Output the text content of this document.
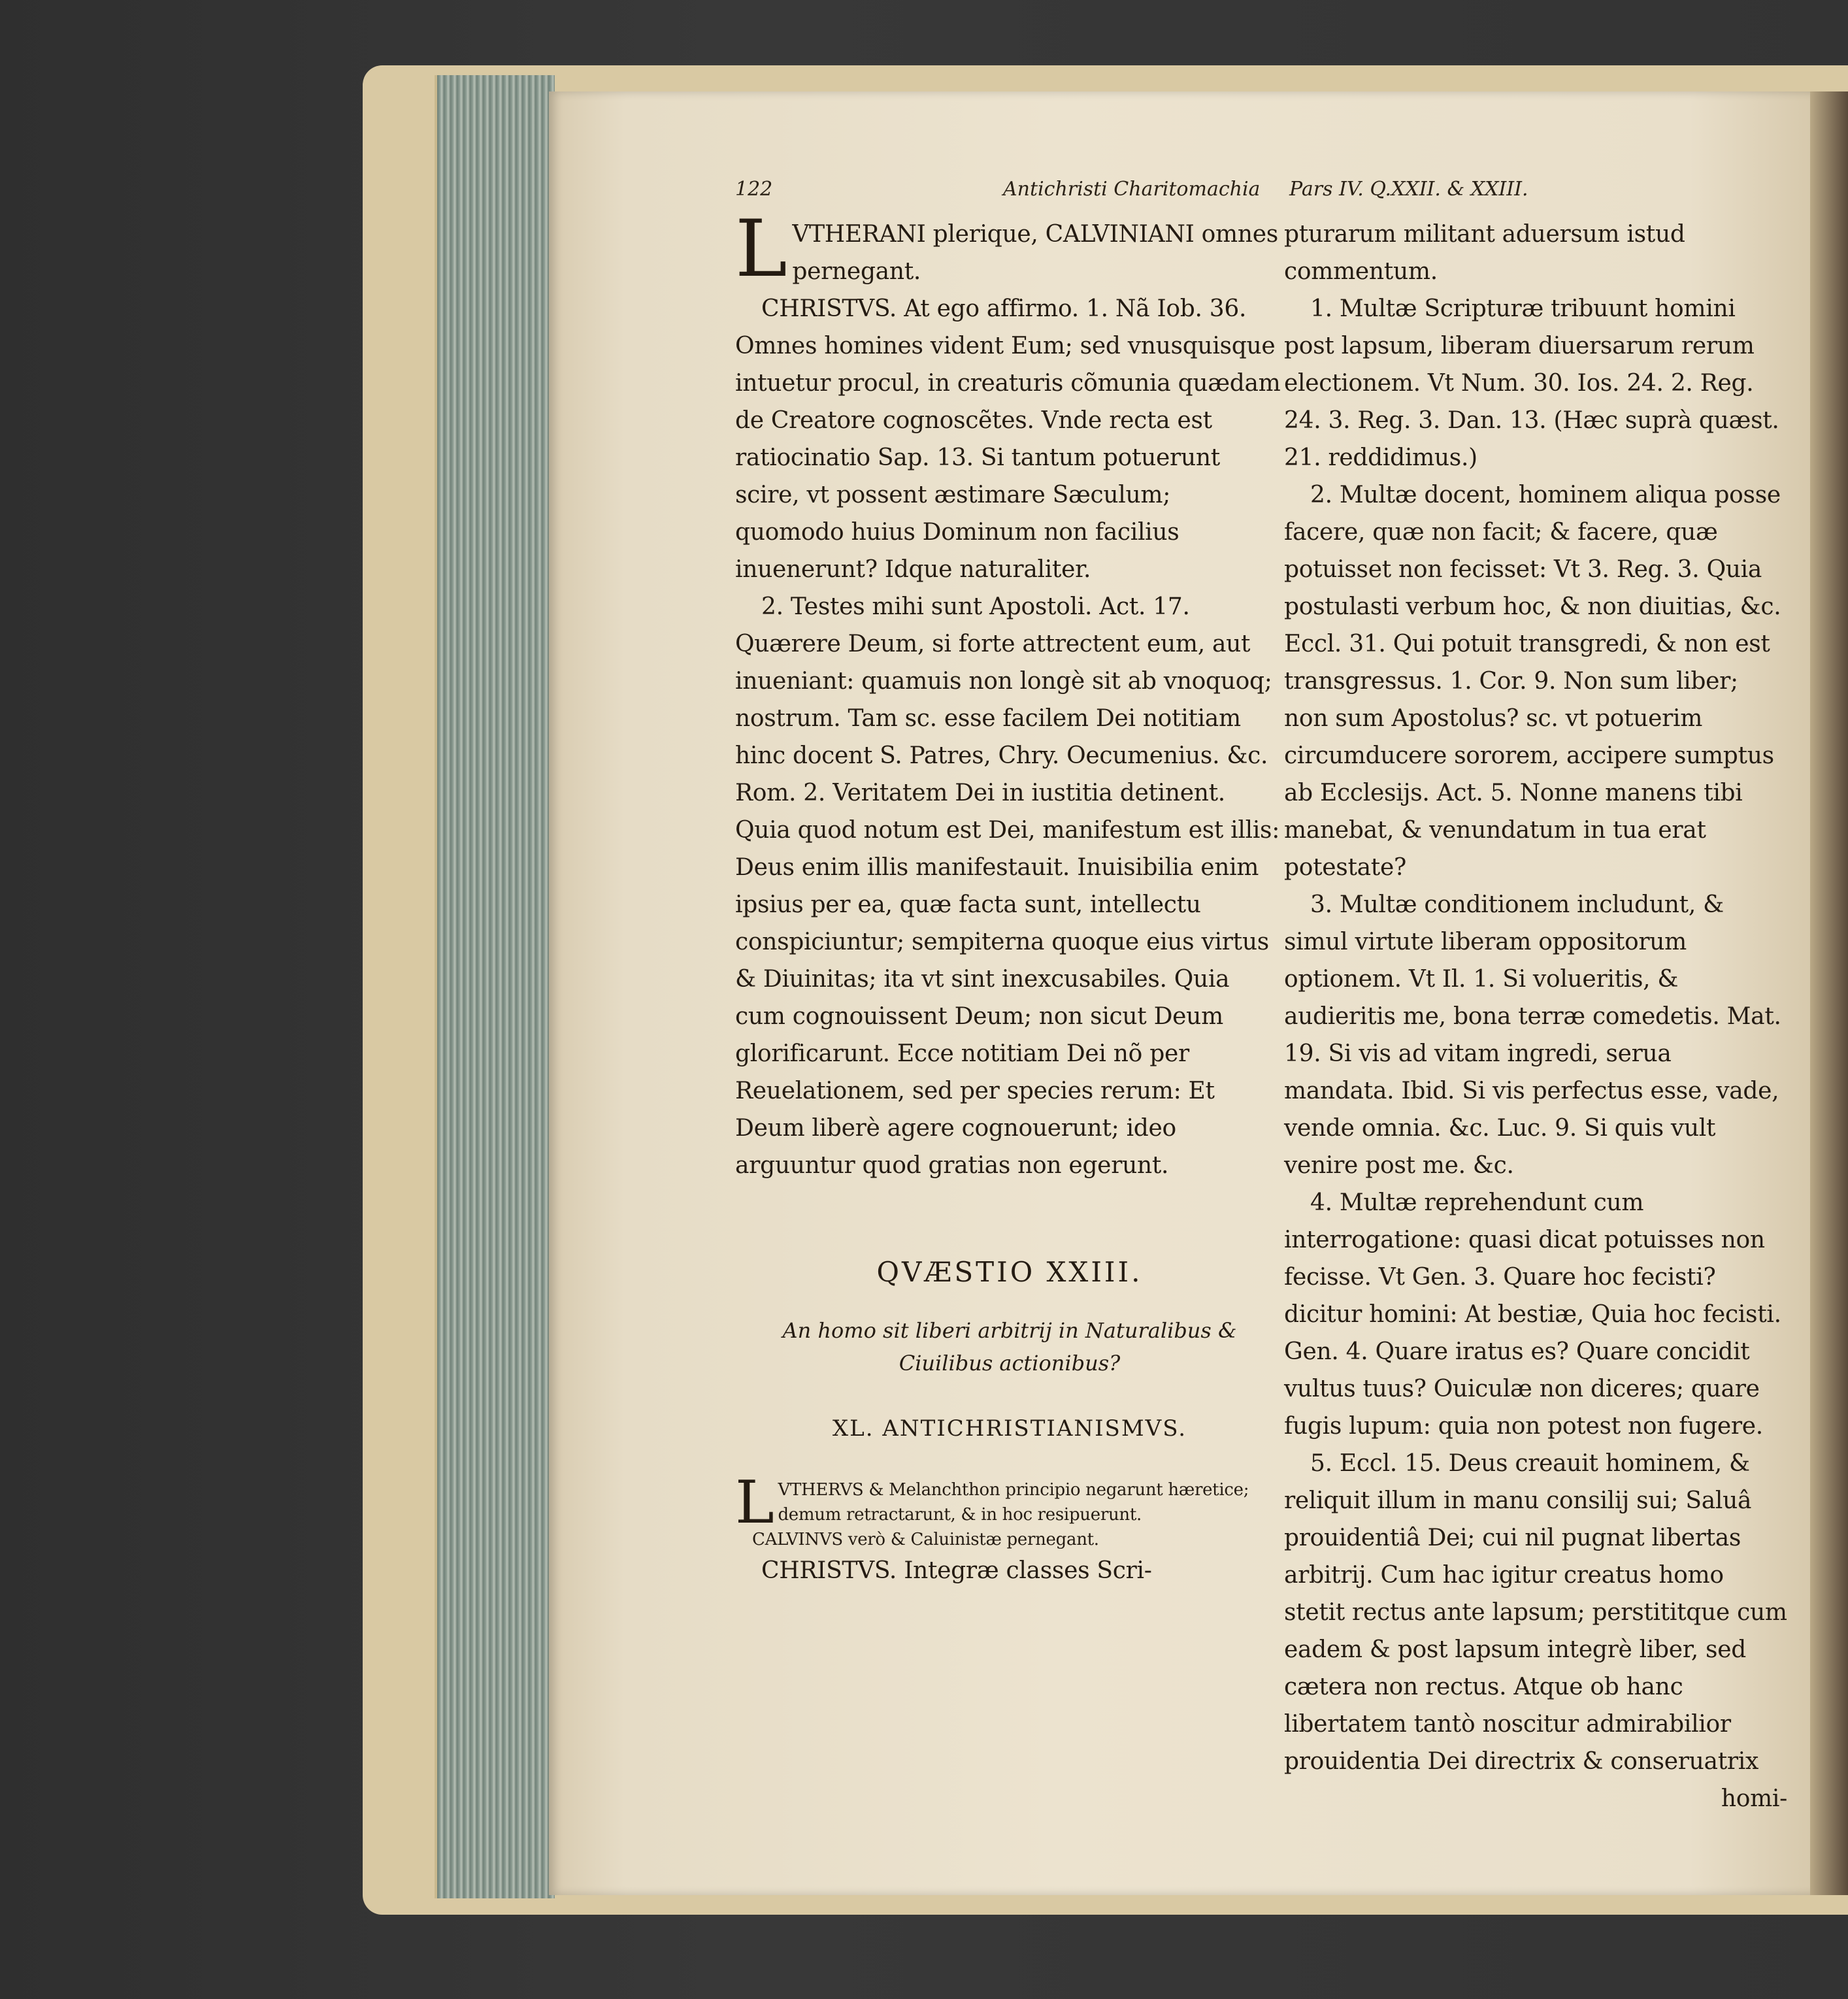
122	Antichristi Charitomachia Pars IV. Q.XXII. & XXIII.

LVTHERANI plerique, CALVINIANI omnes pernegant.

CHRISTVS. At ego affirmo. 1. Nã Iob. 36. Omnes homines vident Eum; sed vnusquisque intuetur procul, in creaturis cõmunia quædam de Creatore cognoscẽtes. Vnde recta est ratiocinatio Sap. 13. Si tantum potuerunt scire, vt possent æstimare Sæculum; quomodo huius Dominum non facilius inuenerunt? Idque naturaliter.

2. Testes mihi sunt Apostoli. Act. 17. Quærere Deum, si forte attrectent eum, aut inueniant: quamuis non longè sit ab vnoquoq; nostrum. Tam sc. esse facilem Dei notitiam hinc docent S. Patres, Chry. Oecumenius. &c. Rom. 2. Veritatem Dei in iustitia detinent. Quia quod notum est Dei, manifestum est illis: Deus enim illis manifestauit. Inuisibilia enim ipsius per ea, quæ facta sunt, intellectu conspiciuntur; sempiterna quoque eius virtus & Diuinitas; ita vt sint inexcusabiles. Quia cum cognouissent Deum; non sicut Deum glorificarunt. Ecce notitiam Dei nõ per Reuelationem, sed per species rerum: Et Deum liberè agere cognouerunt; ideo arguuntur quod gratias non egerunt.

QVÆSTIO XXIII.
An homo sit liberi arbitrij in Naturalibus & Ciuilibus actionibus?
XL. ANTICHRISTIANISMVS.

LVTHERVS & Melanchthon principio negarunt hæretice; demum retractarunt, & in hoc resipuerunt.

CALVINVS verò & Caluinistæ pernegant.

CHRISTVS. Integræ classes Scri-

pturarum militant aduersum istud commentum.

1. Multæ Scripturæ tribuunt homini post lapsum, liberam diuersarum rerum electionem. Vt Num. 30. Ios. 24. 2. Reg. 24. 3. Reg. 3. Dan. 13. (Hæc suprà quæst. 21. reddidimus.)

2. Multæ docent, hominem aliqua posse facere, quæ non facit; & facere, quæ potuisset non fecisset: Vt 3. Reg. 3. Quia postulasti verbum hoc, & non diuitias, &c. Eccl. 31. Qui potuit transgredi, & non est transgressus. 1. Cor. 9. Non sum liber; non sum Apostolus? sc. vt potuerim circumducere sororem, accipere sumptus ab Ecclesijs. Act. 5. Nonne manens tibi manebat, & venundatum in tua erat potestate?

3. Multæ conditionem includunt, & simul virtute liberam oppositorum optionem. Vt Il. 1. Si volueritis, & audieritis me, bona terræ comedetis. Mat. 19. Si vis ad vitam ingredi, serua mandata. Ibid. Si vis perfectus esse, vade, vende omnia. &c. Luc. 9. Si quis vult venire post me. &c.

4. Multæ reprehendunt cum interrogatione: quasi dicat potuisses non fecisse. Vt Gen. 3. Quare hoc fecisti? dicitur homini: At bestiæ, Quia hoc fecisti. Gen. 4. Quare iratus es? Quare concidit vultus tuus? Ouiculæ non diceres; quare fugis lupum: quia non potest non fugere.

5. Eccl. 15. Deus creauit hominem, & reliquit illum in manu consilij sui; Saluâ prouidentiâ Dei; cui nil pugnat libertas arbitrij. Cum hac igitur creatus homo stetit rectus ante lapsum; perstititque cum eadem & post lapsum integrè liber, sed cætera non rectus. Atque ob hanc libertatem tantò noscitur admirabilior prouidentia Dei directrix & conseruatrix

homi-
